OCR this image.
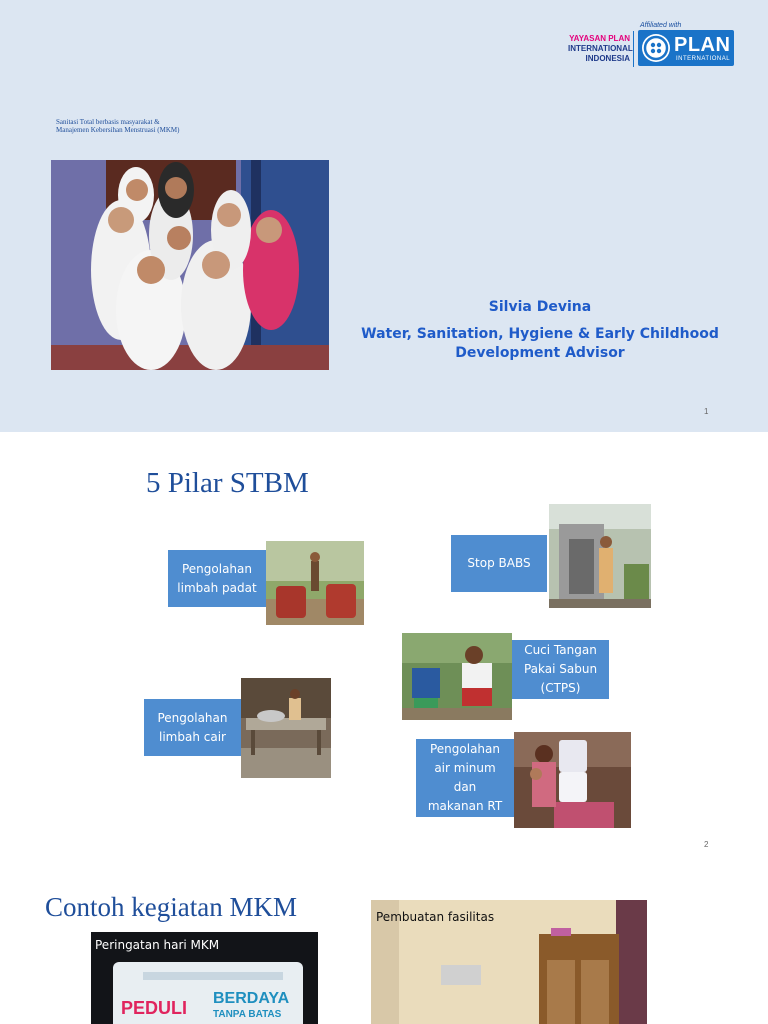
YAYASAN PLAN
INTERNATIONAL
INDONESIA
Affiliated with
PLAN
INTERNATIONAL
Sanitasi Total berbasis masyarakat &
Manajemen Kebersihan Menstruasi (MKM)
Silvia Devina
Water, Sanitation, Hygiene & Early Childhood
Development Advisor
1
5 Pilar STBM
Pengolahan
limbah padat
Stop BABS
Cuci Tangan
Pakai Sabun
(CTPS)
Pengolahan
limbah cair
Pengolahan
air minum
dan
makanan RT
2
Contoh kegiatan MKM
Peringatan hari MKM
PEDULI BERDAYA
TANPA BATAS
Pembuatan fasilitas
